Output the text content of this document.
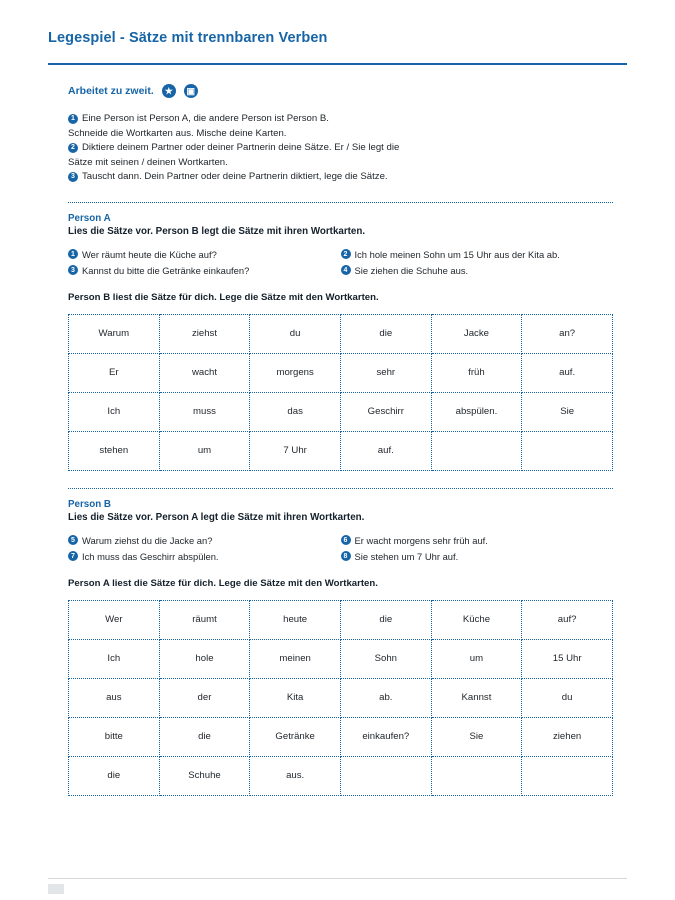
Legespiel - Sätze mit trennbaren Verben
Arbeitet zu zweit.	★	▣
1 Eine Person ist Person A, die andere Person ist Person B.
Schneide die Wortkarten aus. Mische deine Karten.
2 Diktiere deinem Partner oder deiner Partnerin deine Sätze. Er / Sie legt die
Sätze mit seinen / deinen Wortkarten.
3 Tauscht dann. Dein Partner oder deine Partnerin diktiert, lege die Sätze.
Person A
Lies die Sätze vor. Person B legt die Sätze mit ihren Wortkarten.
1 Wer räumt heute die Küche auf?	2 Ich hole meinen Sohn um 15 Uhr aus der Kita ab.
3 Kannst du bitte die Getränke einkaufen?	4 Sie ziehen die Schuhe aus.
Person B liest die Sätze für dich. Lege die Sätze mit den Wortkarten.
Warum	ziehst	du	die	Jacke	an?
Er	wacht	morgens	sehr	früh	auf.
Ich	muss	das	Geschirr	abspülen.	Sie
stehen	um	7 Uhr	auf.		
Person B
Lies die Sätze vor. Person A legt die Sätze mit ihren Wortkarten.
5 Warum ziehst du die Jacke an?	6 Er wacht morgens sehr früh auf.
7 Ich muss das Geschirr abspülen.	8 Sie stehen um 7 Uhr auf.
Person A liest die Sätze für dich. Lege die Sätze mit den Wortkarten.
Wer	räumt	heute	die	Küche	auf?
Ich	hole	meinen	Sohn	um	15 Uhr
aus	der	Kita	ab.	Kannst	du
bitte	die	Getränke	einkaufen?	Sie	ziehen
die	Schuhe	aus.			
